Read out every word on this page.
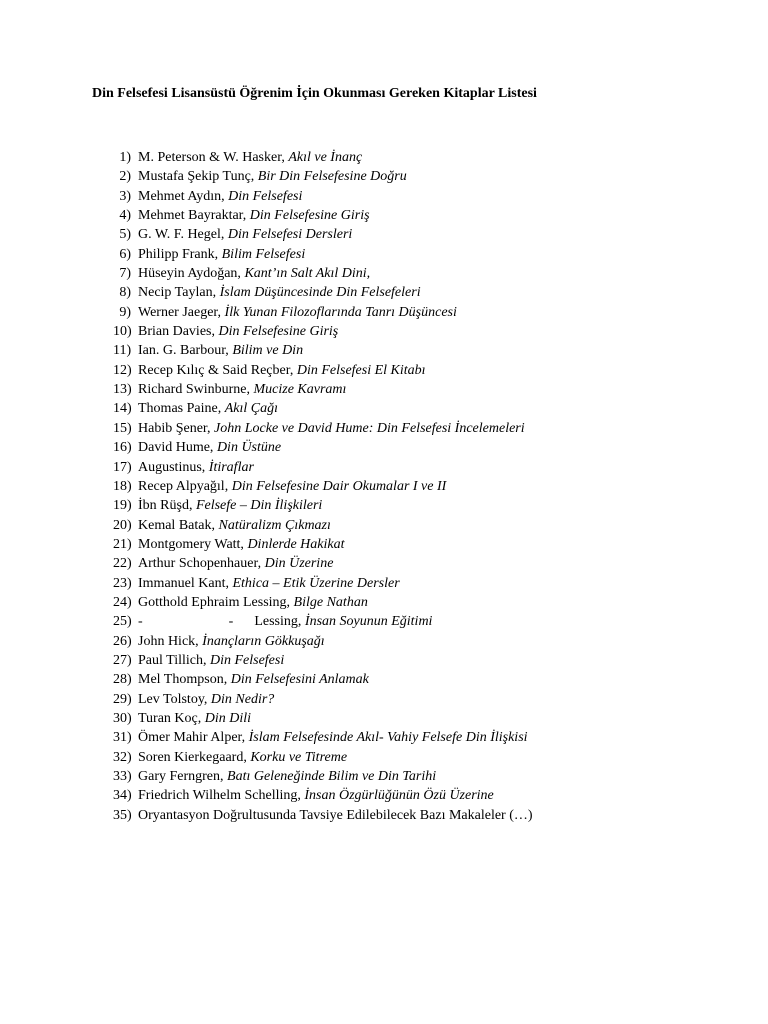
Din Felsefesi Lisansüstü Öğrenim İçin Okunması Gereken Kitaplar Listesi
1) M. Peterson & W. Hasker,
Akıl ve İnanç
2) Mustafa Şekip Tunç,
Bir Din Felsefesine Doğru
3) Mehmet Aydın,
Din Felsefesi
4) Mehmet Bayraktar,
Din Felsefesine Giriş
5) G. W. F. Hegel,
Din Felsefesi Dersleri
6) Philipp Frank,
Bilim Felsefesi
7) Hüseyin Aydoğan,
Kant’ın Salt Akıl Dini,
8) Necip Taylan,
İslam Düşüncesinde Din Felsefeleri
9) Werner Jaeger,
İlk Yunan Filozoflarında Tanrı Düşüncesi
10) Brian Davies,
Din Felsefesine Giriş
11) Ian. G. Barbour,
Bilim ve Din
12) Recep Kılıç & Said Reçber,
Din Felsefesi El Kitabı
13) Richard Swinburne,
Mucize Kavramı
14) Thomas Paine,
Akıl Çağı
15) Habib Şener,
John Locke ve David Hume: Din Felsefesi İncelemeleri
16) David Hume,
Din Üstüne
17) Augustinus,
İtiraflar
18) Recep Alpyağıl,
Din Felsefesine Dair Okumalar I ve II
19) İbn Rüşd,
Felsefe – Din İlişkileri
20) Kemal Batak,
Natüralizm Çıkmazı
21) Montgomery Watt,
Dinlerde Hakikat
22) Arthur Schopenhauer,
Din Üzerine
23) Immanuel Kant,
Ethica – Etik Üzerine Dersler
24) Gotthold Ephraim Lessing,
Bilge Nathan
25) -	- Lessing,
İnsan Soyunun Eğitimi
26) John Hick,
İnançların Gökkuşağı
27) Paul Tillich,
Din Felsefesi
28) Mel Thompson,
Din Felsefesini Anlamak
29) Lev Tolstoy,
Din Nedir?
30) Turan Koç,
Din Dili
31) Ömer Mahir Alper,
İslam Felsefesinde Akıl- Vahiy Felsefe Din İlişkisi
32) Soren Kierkegaard,
Korku ve Titreme
33) Gary Ferngren,
Batı Geleneğinde Bilim ve Din Tarihi
34) Friedrich Wilhelm Schelling,
İnsan Özgürlüğünün Özü Üzerine
35) Oryantasyon Doğrultusunda Tavsiye Edilebilecek Bazı Makaleler (…)
